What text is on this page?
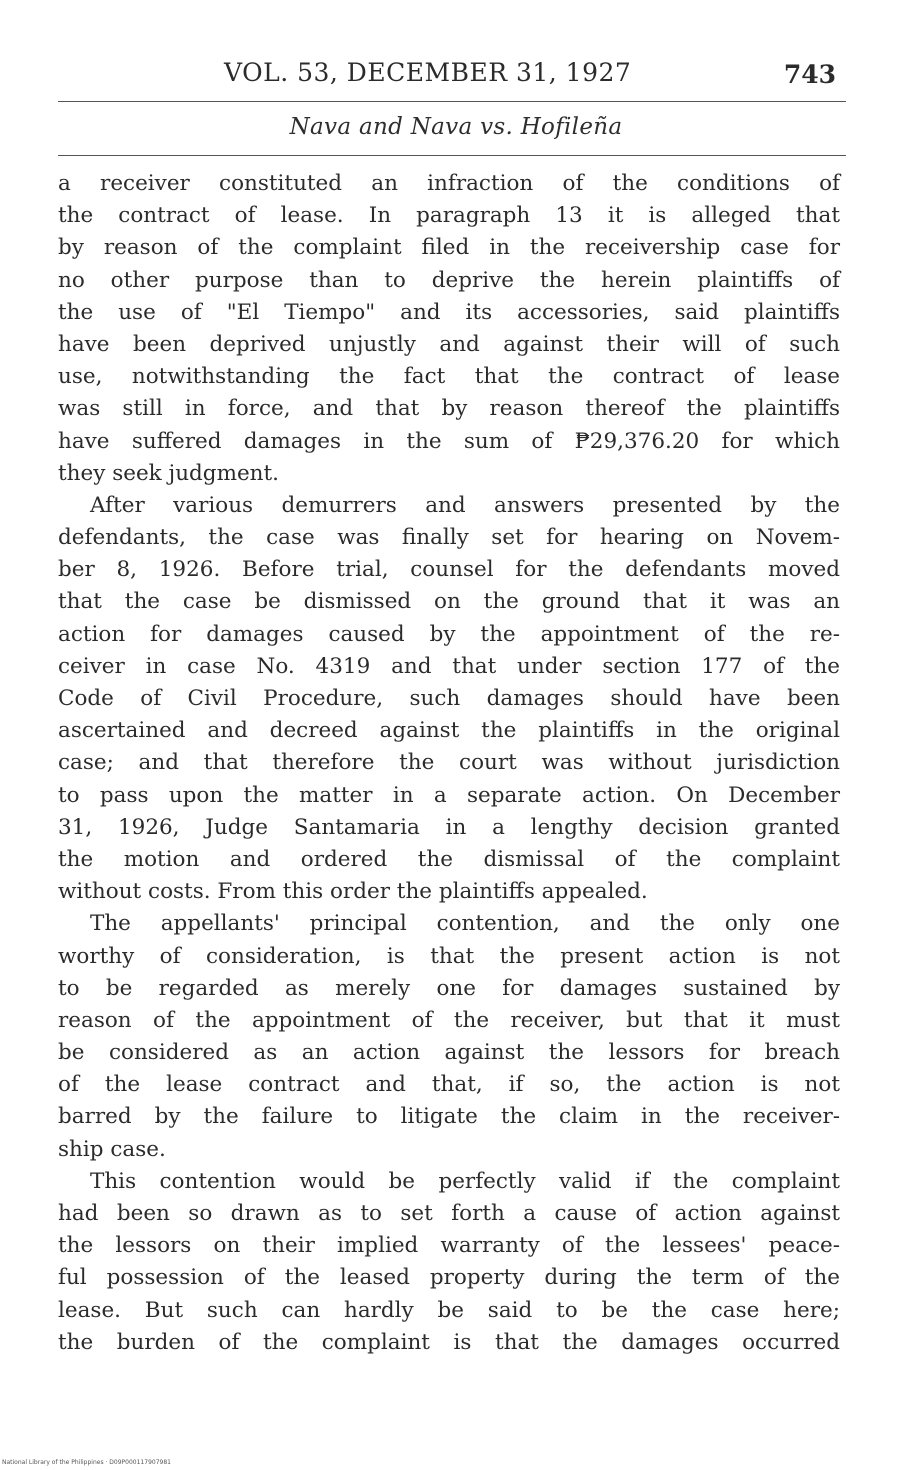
VOL. 53, DECEMBER 31, 1927	743
Nava and Nava vs. Hofileña
a receiver constituted an infraction of the conditions of
the contract of lease. In paragraph 13 it is alleged that
by reason of the complaint filed in the receivership case for
no other purpose than to deprive the herein plaintiffs of
the use of "El Tiempo" and its accessories, said plaintiffs
have been deprived unjustly and against their will of such
use, notwithstanding the fact that the contract of lease
was still in force, and that by reason thereof the plaintiffs
have suffered damages in the sum of ₱29,376.20 for which
they seek judgment.
After various demurrers and answers presented by the
defendants, the case was finally set for hearing on Novem-
ber 8, 1926. Before trial, counsel for the defendants moved
that the case be dismissed on the ground that it was an
action for damages caused by the appointment of the re-
ceiver in case No. 4319 and that under section 177 of the
Code of Civil Procedure, such damages should have been
ascertained and decreed against the plaintiffs in the original
case; and that therefore the court was without jurisdiction
to pass upon the matter in a separate action. On December
31, 1926, Judge Santamaria in a lengthy decision granted
the motion and ordered the dismissal of the complaint
without costs. From this order the plaintiffs appealed.
The appellants' principal contention, and the only one
worthy of consideration, is that the present action is not
to be regarded as merely one for damages sustained by
reason of the appointment of the receiver, but that it must
be considered as an action against the lessors for breach
of the lease contract and that, if so, the action is not
barred by the failure to litigate the claim in the receiver-
ship case.
This contention would be perfectly valid if the complaint
had been so drawn as to set forth a cause of action against
the lessors on their implied warranty of the lessees' peace-
ful possession of the leased property during the term of the
lease. But such can hardly be said to be the case here;
the burden of the complaint is that the damages occurred
National Library of the Philippines · D09P000117907981
